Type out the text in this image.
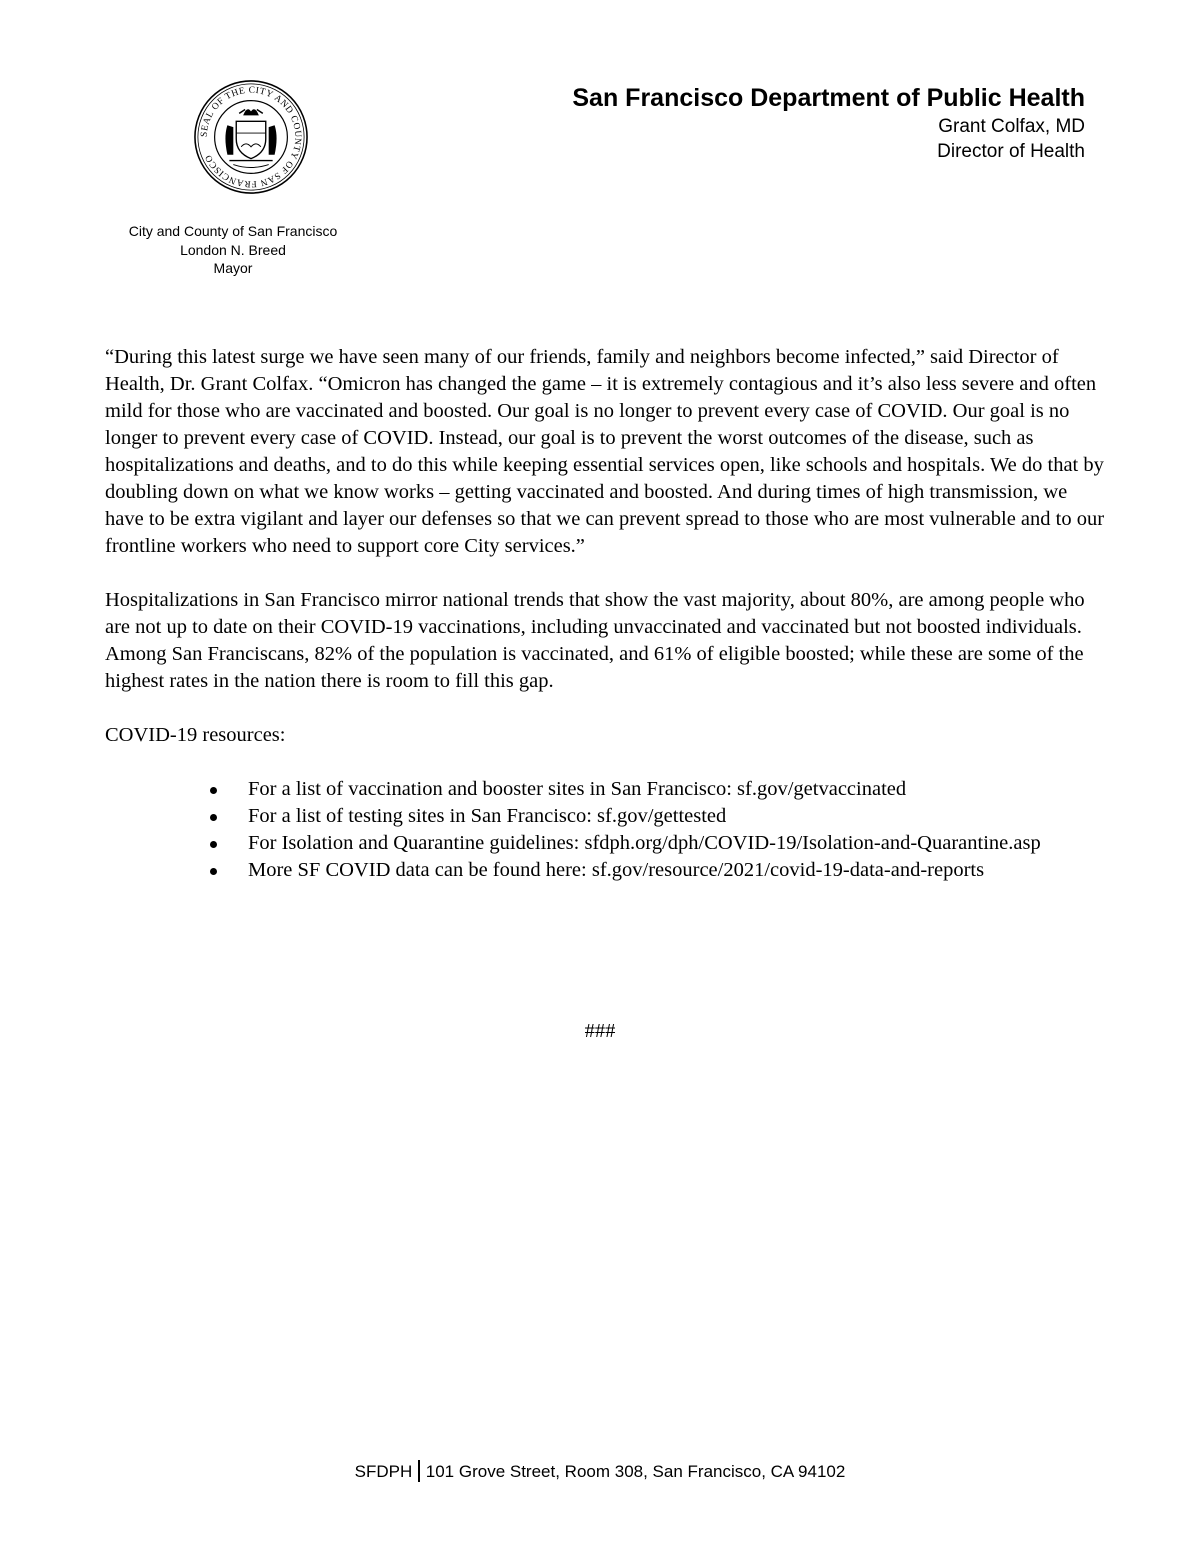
SEAL OF THE CITY AND COUNTY OF SAN FRANCISCO
City and County of San Francisco
London N. Breed
Mayor
San Francisco Department of Public Health
Grant Colfax, MD
Director of Health

“During this latest surge we have seen many of our friends, family and neighbors become infected,” said Director of Health, Dr. Grant Colfax. “Omicron has changed the game – it is extremely contagious and it’s also less severe and often mild for those who are vaccinated and boosted. Our goal is no longer to prevent every case of COVID. Our goal is no longer to prevent every case of COVID. Instead, our goal is to prevent the worst outcomes of the disease, such as hospitalizations and deaths, and to do this while keeping essential services open, like schools and hospitals. We do that by doubling down on what we know works – getting vaccinated and boosted. And during times of high transmission, we have to be extra vigilant and layer our defenses so that we can prevent spread to those who are most vulnerable and to our frontline workers who need to support core City services.”

Hospitalizations in San Francisco mirror national trends that show the vast majority, about 80%, are among people who are not up to date on their COVID-19 vaccinations, including unvaccinated and vaccinated but not boosted individuals. Among San Franciscans, 82% of the population is vaccinated, and 61% of eligible boosted; while these are some of the highest rates in the nation there is room to fill this gap.

COVID-19 resources:

For a list of vaccination and booster sites in San Francisco: sf.gov/getvaccinated
For a list of testing sites in San Francisco: sf.gov/gettested
For Isolation and Quarantine guidelines: sfdph.org/dph/COVID-19/Isolation-and-Quarantine.asp
More SF COVID data can be found here: sf.gov/resource/2021/covid-19-data-and-reports
###
SFDPH 101 Grove Street, Room 308, San Francisco, CA 94102
